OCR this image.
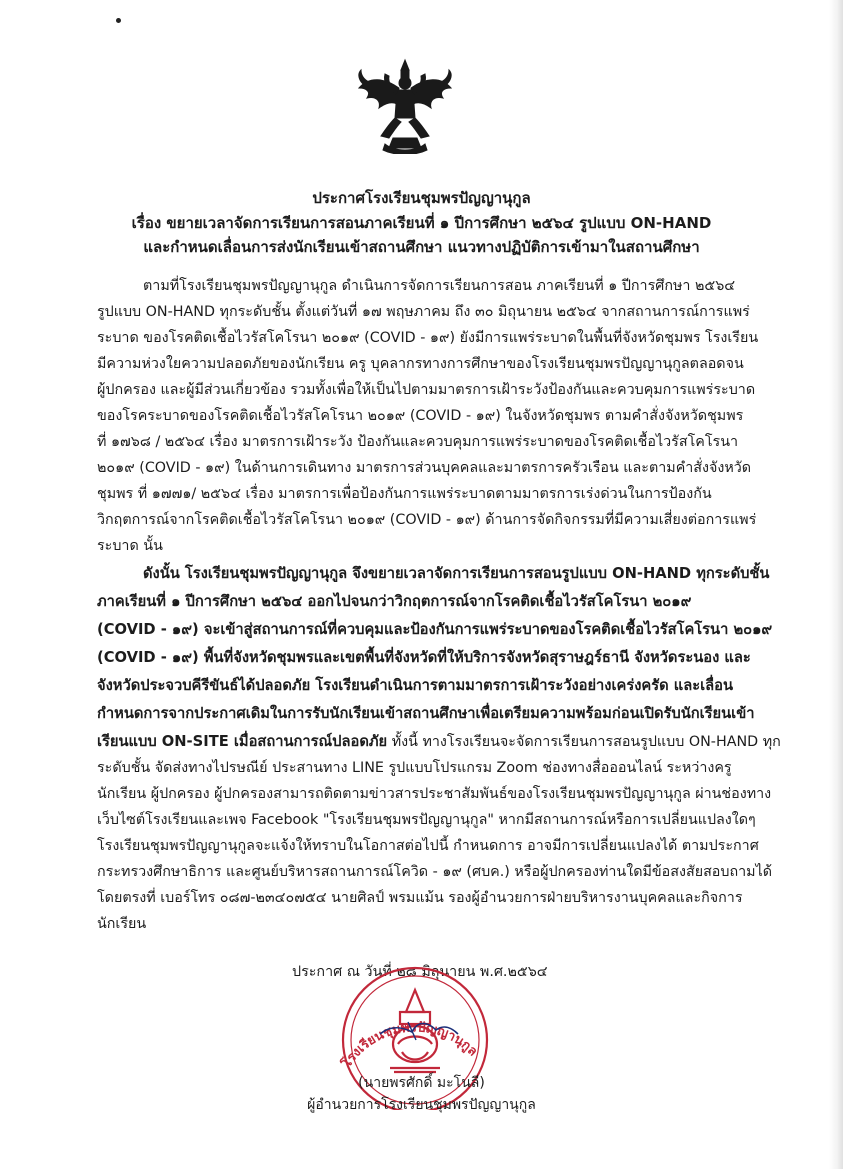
ประกาศโรงเรียนชุมพรปัญญานุกูล
เรื่อง ขยายเวลาจัดการเรียนการสอนภาคเรียนที่ ๑ ปีการศึกษา ๒๕๖๔ รูปแบบ ON-HAND
และกำหนดเลื่อนการส่งนักเรียนเข้าสถานศึกษา แนวทางปฏิบัติการเข้ามาในสถานศึกษา
ตามที่โรงเรียนชุมพรปัญญานุกูล ดำเนินการจัดการเรียนการสอน ภาคเรียนที่ ๑ ปีการศึกษา ๒๕๖๔
รูปแบบ ON-HAND ทุกระดับชั้น ตั้งแต่วันที่ ๑๗ พฤษภาคม ถึง ๓๐ มิถุนายน ๒๕๖๔ จากสถานการณ์การแพร่
ระบาด ของโรคติดเชื้อไวรัสโคโรนา ๒๐๑๙ (COVID - ๑๙) ยังมีการแพร่ระบาดในพื้นที่จังหวัดชุมพร โรงเรียน
มีความห่วงใยความปลอดภัยของนักเรียน ครู บุคลากรทางการศึกษาของโรงเรียนชุมพรปัญญานุกูลตลอดจน
ผู้ปกครอง และผู้มีส่วนเกี่ยวข้อง รวมทั้งเพื่อให้เป็นไปตามมาตรการเฝ้าระวังป้องกันและควบคุมการแพร่ระบาด
ของโรคระบาดของโรคติดเชื้อไวรัสโคโรนา ๒๐๑๙ (COVID - ๑๙) ในจังหวัดชุมพร ตามคำสั่งจังหวัดชุมพร
ที่ ๑๗๖๘ / ๒๕๖๔ เรื่อง มาตรการเฝ้าระวัง ป้องกันและควบคุมการแพร่ระบาดของโรคติดเชื้อไวรัสโคโรนา
๒๐๑๙ (COVID - ๑๙) ในด้านการเดินทาง มาตรการส่วนบุคคลและมาตรการครัวเรือน และตามคำสั่งจังหวัด
ชุมพร ที่ ๑๗๗๑/ ๒๕๖๔ เรื่อง มาตรการเพื่อป้องกันการแพร่ระบาดตามมาตรการเร่งด่วนในการป้องกัน
วิกฤตการณ์จากโรคติดเชื้อไวรัสโคโรนา ๒๐๑๙ (COVID - ๑๙) ด้านการจัดกิจกรรมที่มีความเสี่ยงต่อการแพร่
ระบาด นั้น
ดังนั้น โรงเรียนชุมพรปัญญานุกูล จึงขยายเวลาจัดการเรียนการสอนรูปแบบ ON-HAND ทุกระดับชั้น
ภาคเรียนที่ ๑ ปีการศึกษา ๒๕๖๔ ออกไปจนกว่าวิกฤตการณ์จากโรคติดเชื้อไวรัสโคโรนา ๒๐๑๙
(COVID - ๑๙) จะเข้าสู่สถานการณ์ที่ควบคุมและป้องกันการแพร่ระบาดของโรคติดเชื้อไวรัสโคโรนา ๒๐๑๙
(COVID - ๑๙) พื้นที่จังหวัดชุมพรและเขตพื้นที่จังหวัดที่ให้บริการจังหวัดสุราษฎร์ธานี จังหวัดระนอง และ
จังหวัดประจวบคีรีขันธ์ได้ปลอดภัย โรงเรียนดำเนินการตามมาตรการเฝ้าระวังอย่างเคร่งครัด และเลื่อน
กำหนดการจากประกาศเดิมในการรับนักเรียนเข้าสถานศึกษาเพื่อเตรียมความพร้อมก่อนเปิดรับนักเรียนเข้า
เรียนแบบ ON-SITE เมื่อสถานการณ์ปลอดภัย ทั้งนี้ ทางโรงเรียนจะจัดการเรียนการสอนรูปแบบ ON-HAND ทุก
ระดับชั้น จัดส่งทางไปรษณีย์ ประสานทาง LINE รูปแบบโปรแกรม Zoom ช่องทางสื่อออนไลน์ ระหว่างครู
นักเรียน ผู้ปกครอง ผู้ปกครองสามารถติดตามข่าวสารประชาสัมพันธ์ของโรงเรียนชุมพรปัญญานุกูล ผ่านช่องทาง
เว็บไซต์โรงเรียนและเพจ Facebook "โรงเรียนชุมพรปัญญานุกูล" หากมีสถานการณ์หรือการเปลี่ยนแปลงใดๆ
โรงเรียนชุมพรปัญญานุกูลจะแจ้งให้ทราบในโอกาสต่อไปนี้ กำหนดการ อาจมีการเปลี่ยนแปลงได้ ตามประกาศ
กระทรวงศึกษาธิการ และศูนย์บริหารสถานการณ์โควิด - ๑๙ (ศบค.) หรือผู้ปกครองท่านใดมีข้อสงสัยสอบถามได้
โดยตรงที่ เบอร์โทร ๐๘๗-๒๓๔๐๗๕๔ นายศิลป์ พรมแม้น รองผู้อำนวยการฝ่ายบริหารงานบุคคลและกิจการ
นักเรียน
ประกาศ ณ วันที่ ๒๘ มิถุนายน พ.ศ.๒๕๖๔
โรงเรียนชุมพรปัญญานุกูล
(นายพรศักดิ์ มะโนลี)
ผู้อำนวยการโรงเรียนชุมพรปัญญานุกูล
